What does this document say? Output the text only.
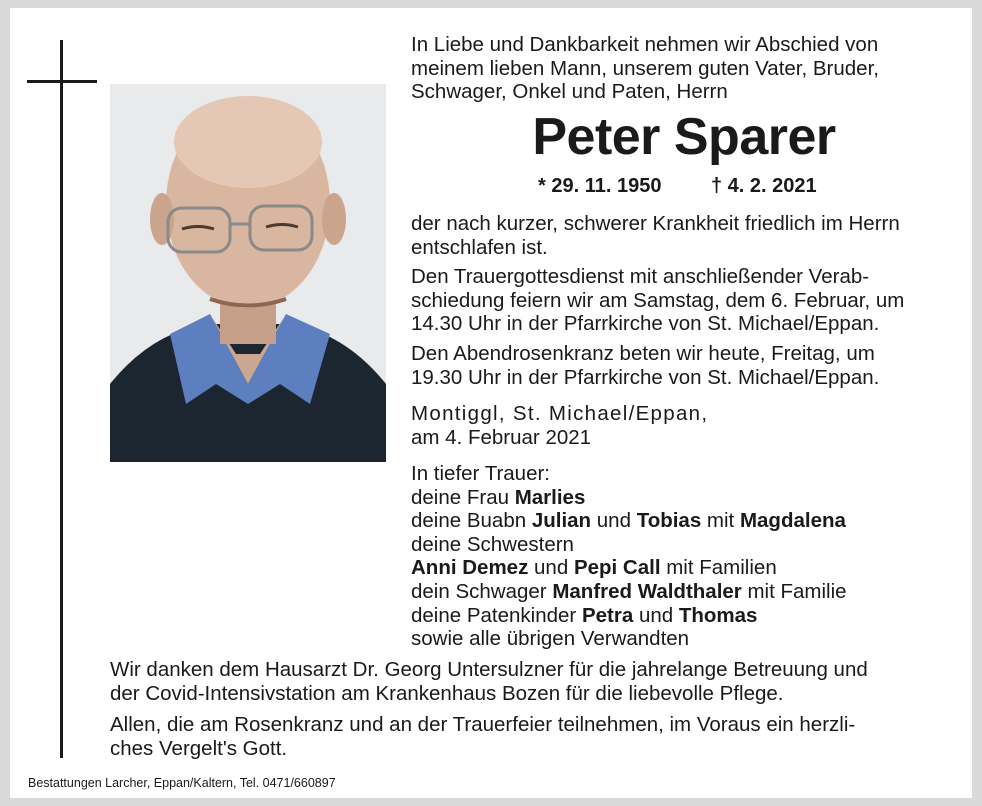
In Liebe und Dankbarkeit nehmen wir Abschied von
meinem lieben Mann, unserem guten Vater, Bruder,
Schwager, Onkel und Paten, Herrn
Peter Sparer
* 29. 11. 1950 † 4. 2. 2021
der nach kurzer, schwerer Krankheit friedlich im Herrn
entschlafen ist.
Den Trauergottesdienst mit anschließender Verab-
schiedung feiern wir am Samstag, dem 6. Februar, um
14.30 Uhr in der Pfarrkirche von St. Michael/Eppan.
Den Abendrosenkranz beten wir heute, Freitag, um
19.30 Uhr in der Pfarrkirche von St. Michael/Eppan.
Montiggl, St. Michael/Eppan,
am 4. Februar 2021
In tiefer Trauer:
deine Frau Marlies
deine Buabn Julian und Tobias mit Magdalena
deine Schwestern
Anni Demez und Pepi Call mit Familien
dein Schwager Manfred Waldthaler mit Familie
deine Patenkinder Petra und Thomas
sowie alle übrigen Verwandten
Wir danken dem Hausarzt Dr. Georg Untersulzner für die jahrelange Betreuung und
der Covid-Intensivstation am Krankenhaus Bozen für die liebevolle Pflege.
Allen, die am Rosenkranz und an der Trauerfeier teilnehmen, im Voraus ein herzli-
ches Vergelt's Gott.
Bestattungen Larcher, Eppan/Kaltern, Tel. 0471/660897
